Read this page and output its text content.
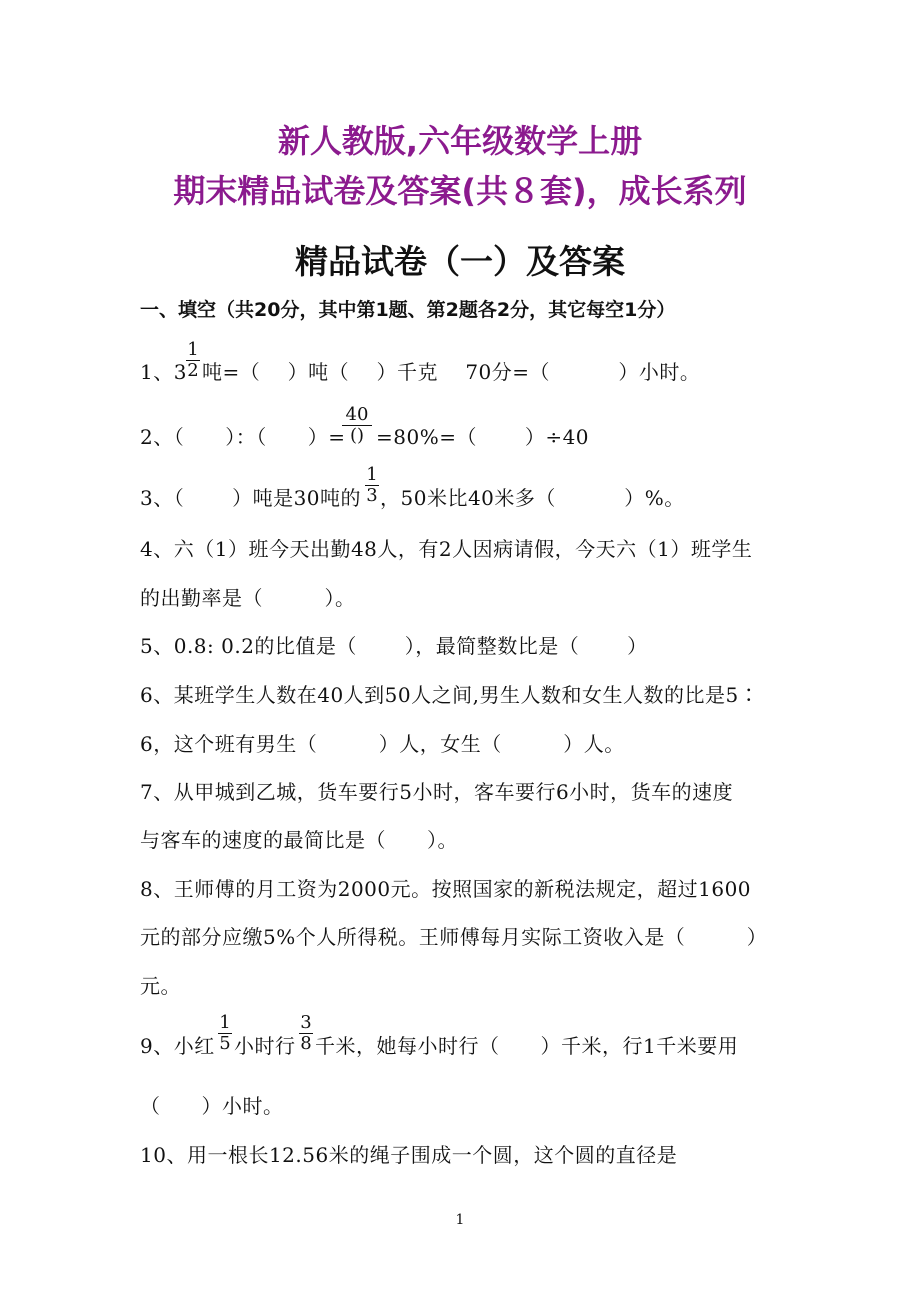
新人教版,六年级数学上册
期末精品试卷及答案(共８套)，成长系列
精品试卷（一）及答案
一、填空（共20分，其中第1题、第2题各2分，其它每空1分）
1、3
1
2 吨=（　 ）吨（　 ）千克　 70分=（　　　 ）小时。
2、（　　）：（　　）=
40
() =80%=（　　 ）÷40
3、（　　 ）吨是30吨的
1
3 ，50米比40米多（　　　 ）%。
4、六（1）班今天出勤48人，有2人因病请假，今天六（1）班学生
的出勤率是（　　　）。
5、0.8: 0.2的比值是（　　 ），最简整数比是（　　 ）
6、某班学生人数在40人到50人之间,男生人数和女生人数的比是5∶
6，这个班有男生（　　　）人，女生（　　　）人。
7、从甲城到乙城，货车要行5小时，客车要行6小时，货车的速度
与客车的速度的最简比是（　　）。
8、王师傅的月工资为2000元。按照国家的新税法规定，超过1600
元的部分应缴5%个人所得税。王师傅每月实际工资收入是（　　　）
元。
9、小红
1
5 小时行
3
8 千米，她每小时行（　　）千米，行1千米要用
（　　）小时。
10、用一根长12.56米的绳子围成一个圆，这个圆的直径是
1
